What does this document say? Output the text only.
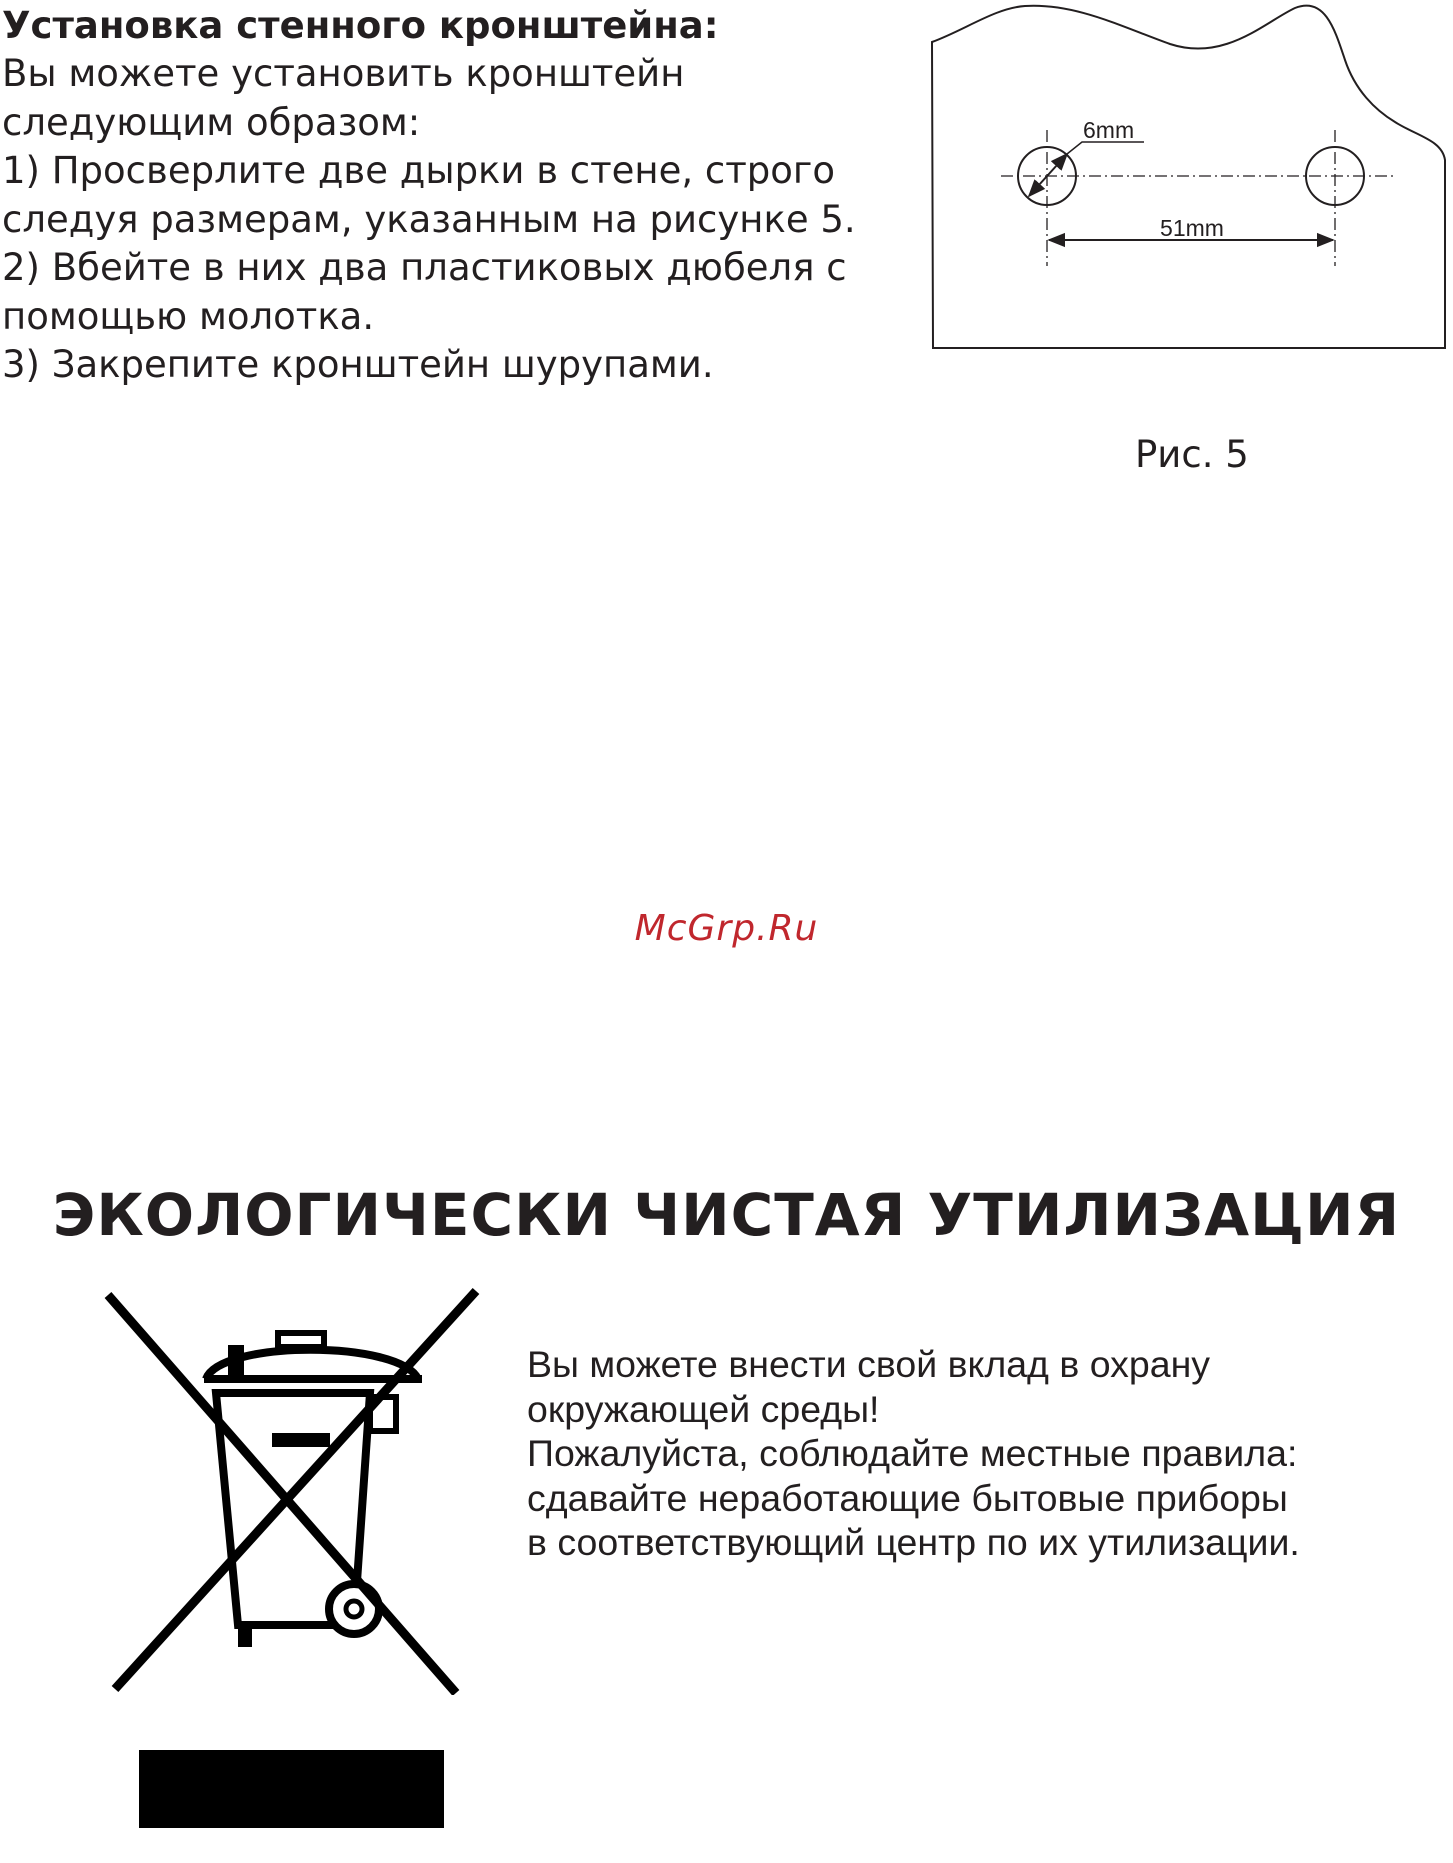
Установка стенного кронштейна:

Вы можете установить кронштейн

следующим образом:

1) Просверлите две дырки в стене, строго

следуя размерам, указанным на рисунке 5.

2) Вбейте в них два пластиковых дюбеля с

помощью молотка.

3) Закрепите кронштейн шурупами.

6mm
51mm

Рис. 5

McGrp.Ru

ЭКОЛОГИЧЕСКИ ЧИСТАЯ УТИЛИЗАЦИЯ

Вы можете внести свой вклад в охрану

окружающей среды!

Пожалуйста, соблюдайте местные правила:

сдавайте неработающие бытовые приборы

в соответствующий центр по их утилизации.
